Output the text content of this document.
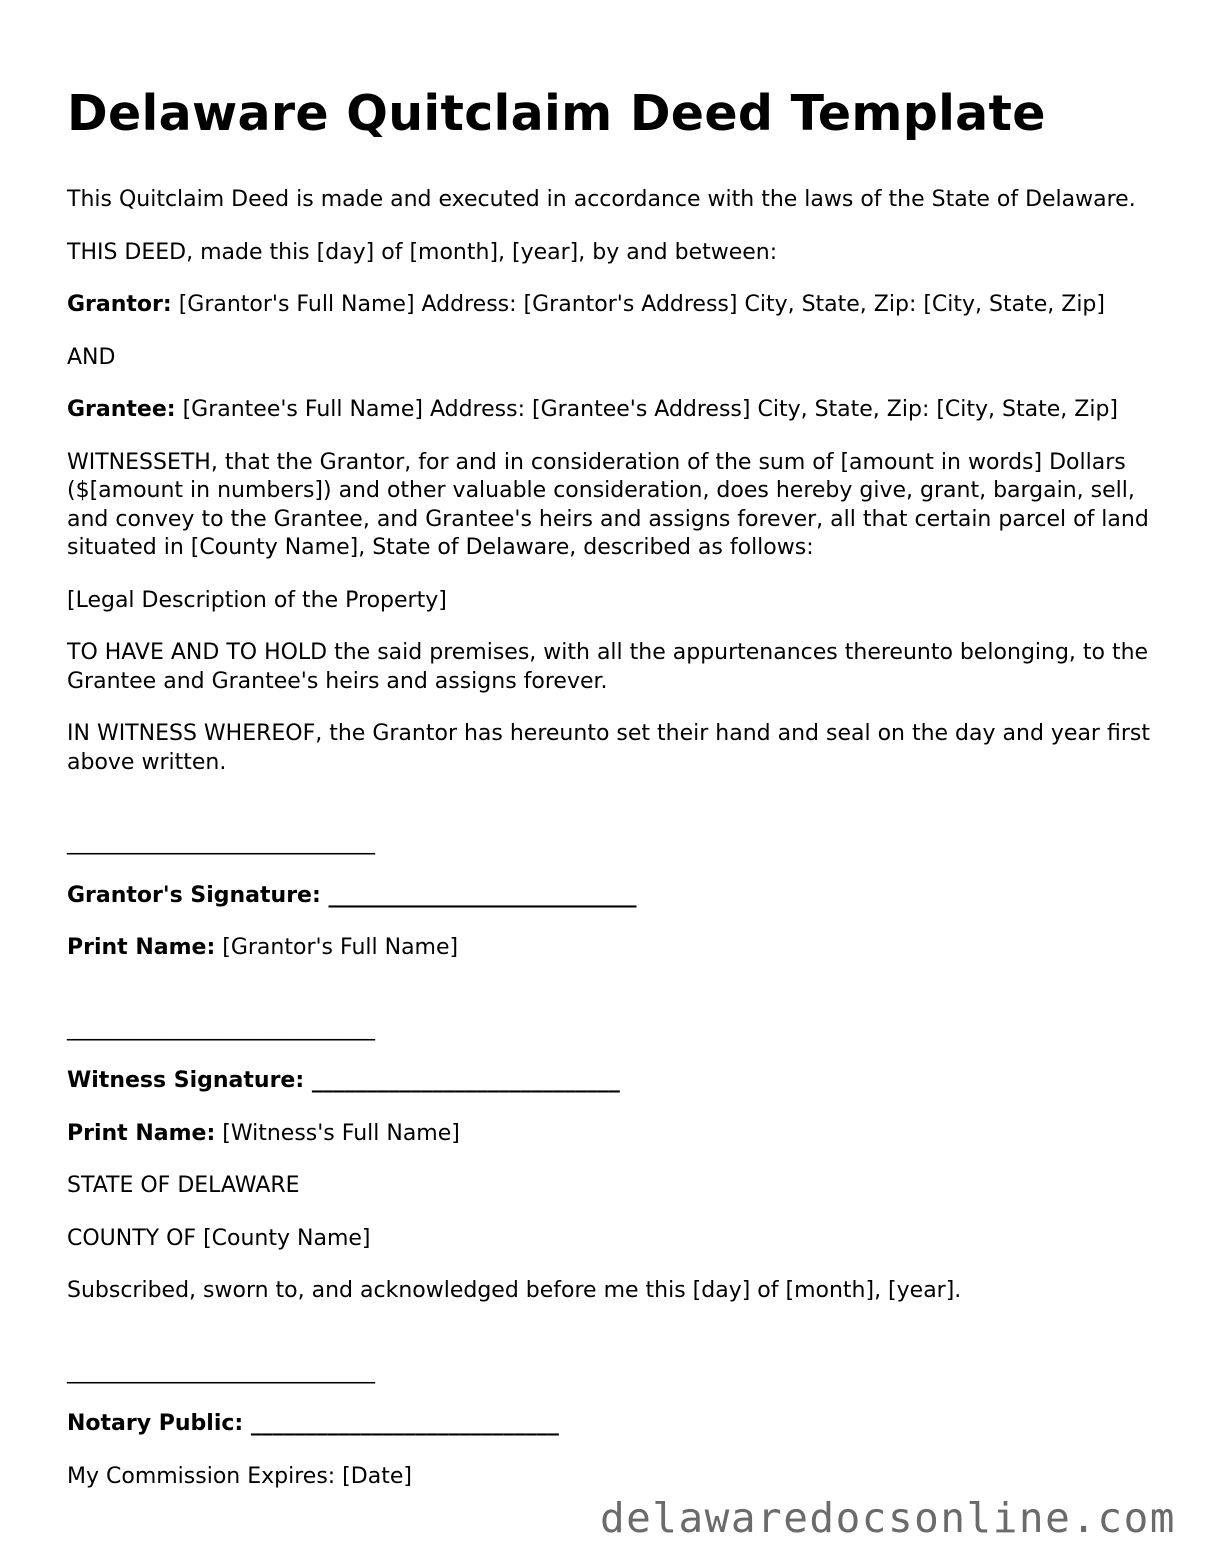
Delaware Quitclaim Deed Template

This Quitclaim Deed is made and executed in accordance with the laws of the State of Delaware.

THIS DEED, made this [day] of [month], [year], by and between:

Grantor: [Grantor's Full Name] Address: [Grantor's Address] City, State, Zip: [City, State, Zip]

AND

Grantee: [Grantee's Full Name] Address: [Grantee's Address] City, State, Zip: [City, State, Zip]

WITNESSETH, that the Grantor, for and in consideration of the sum of [amount in words] Dollars ($[amount in numbers]) and other valuable consideration, does hereby give, grant, bargain, sell, and convey to the Grantee, and Grantee's heirs and assigns forever, all that certain parcel of land situated in [County Name], State of Delaware, described as follows:

[Legal Description of the Property]

TO HAVE AND TO HOLD the said premises, with all the appurtenances thereunto belonging, to the Grantee and Grantee's heirs and assigns forever.

IN WITNESS WHEREOF, the Grantor has hereunto set their hand and seal on the day and year first above written.

____________________________

Grantor's Signature: ____________________________

Print Name: [Grantor's Full Name]

____________________________

Witness Signature: ____________________________

Print Name: [Witness's Full Name]

STATE OF DELAWARE

COUNTY OF [County Name]

Subscribed, sworn to, and acknowledged before me this [day] of [month], [year].

____________________________

Notary Public: ____________________________

My Commission Expires: [Date]

delawaredocsonline.com
